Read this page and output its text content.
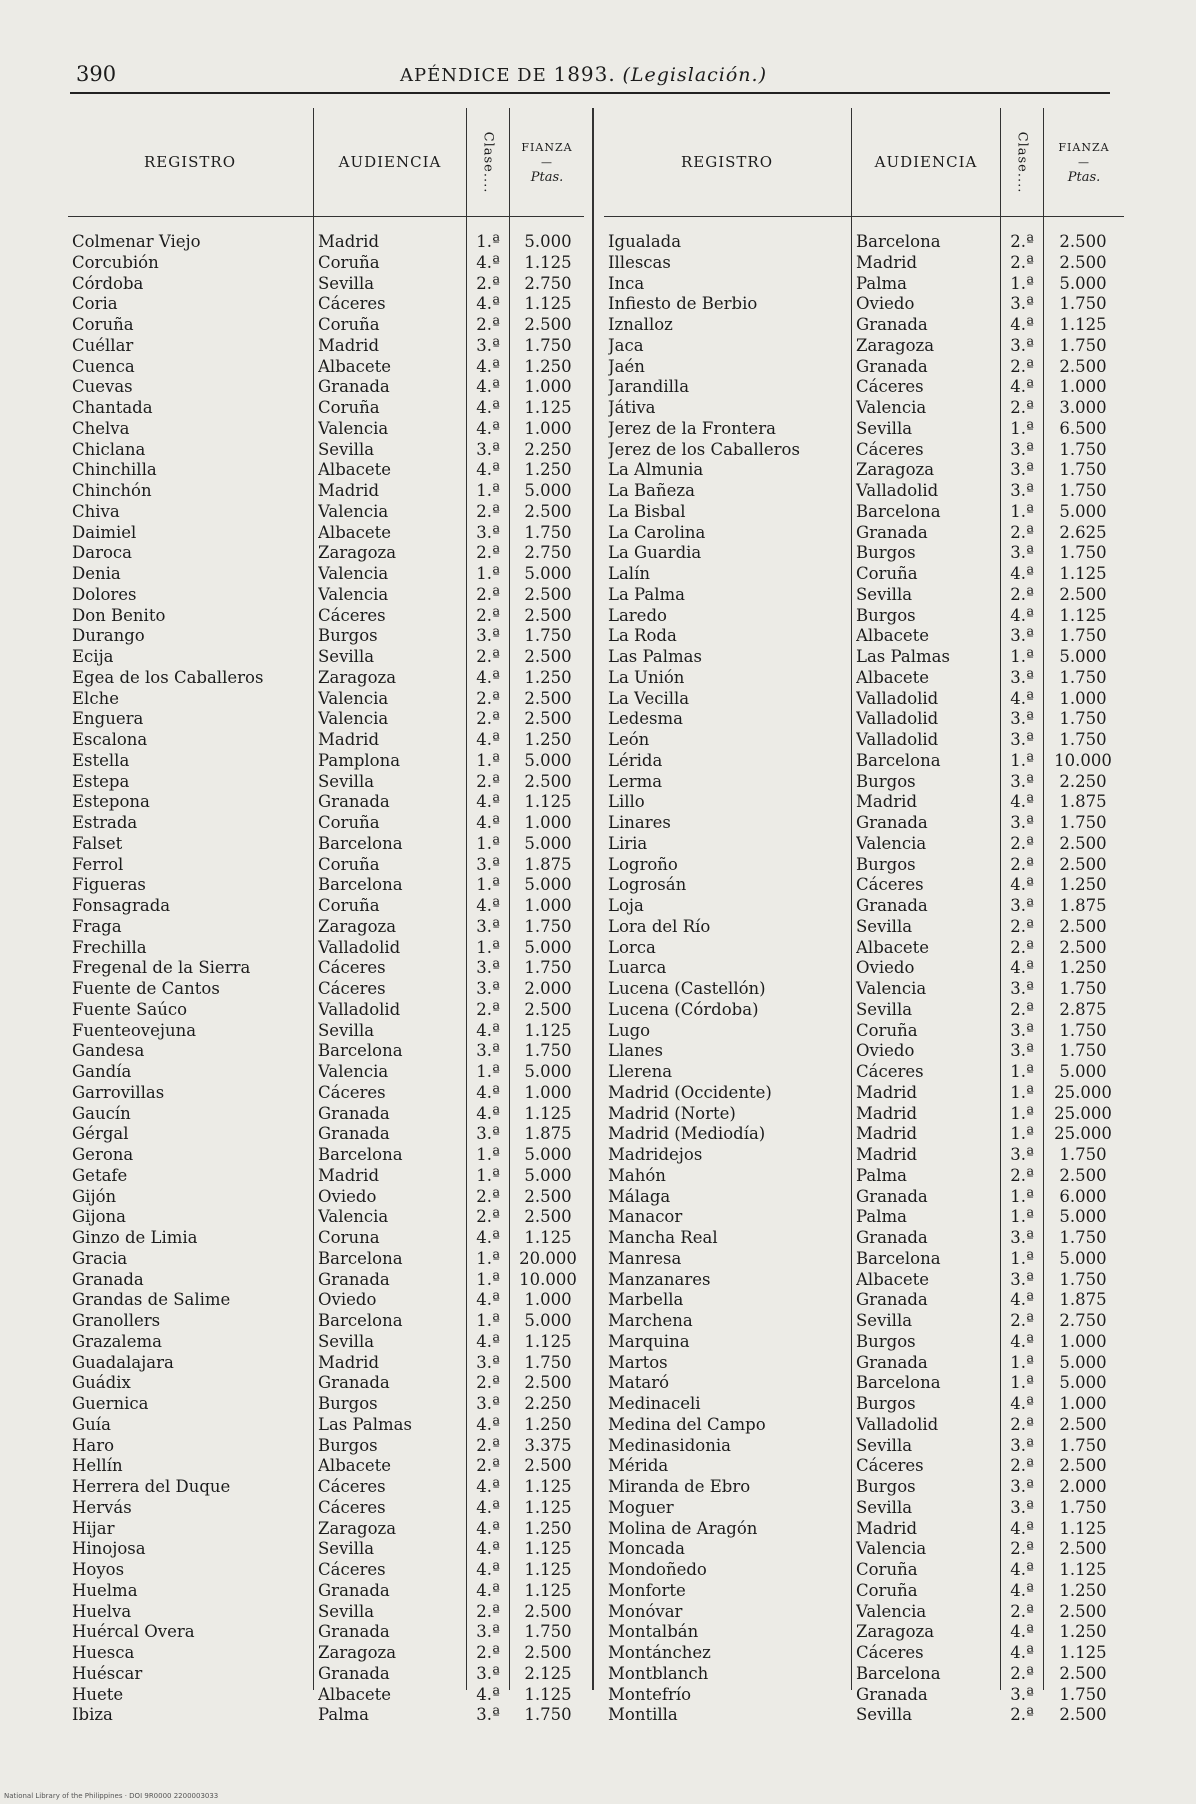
390	APÉNDICE DE 1893. (Legislación.)
REGISTRO	AUDIENCIA	Clase.... FIANZA
—
Ptas.
Colmenar Viejo	Madrid	1.ª	5.000
Corcubión	Coruña	4.ª	1.125
Córdoba	Sevilla	2.ª	2.750
Coria	Cáceres	4.ª	1.125
Coruña	Coruña	2.ª	2.500
Cuéllar	Madrid	3.ª	1.750
Cuenca	Albacete	4.ª	1.250
Cuevas	Granada	4.ª	1.000
Chantada	Coruña	4.ª	1.125
Chelva	Valencia	4.ª	1.000
Chiclana	Sevilla	3.ª	2.250
Chinchilla	Albacete	4.ª	1.250
Chinchón	Madrid	1.ª	5.000
Chiva	Valencia	2.ª	2.500
Daimiel	Albacete	3.ª	1.750
Daroca	Zaragoza	2.ª	2.750
Denia	Valencia	1.ª	5.000
Dolores	Valencia	2.ª	2.500
Don Benito	Cáceres	2.ª	2.500
Durango	Burgos	3.ª	1.750
Ecija	Sevilla	2.ª	2.500
Egea de los Caballeros	Zaragoza	4.ª	1.250
Elche	Valencia	2.ª	2.500
Enguera	Valencia	2.ª	2.500
Escalona	Madrid	4.ª	1.250
Estella	Pamplona	1.ª	5.000
Estepa	Sevilla	2.ª	2.500
Estepona	Granada	4.ª	1.125
Estrada	Coruña	4.ª	1.000
Falset	Barcelona	1.ª	5.000
Ferrol	Coruña	3.ª	1.875
Figueras	Barcelona	1.ª	5.000
Fonsagrada	Coruña	4.ª	1.000
Fraga	Zaragoza	3.ª	1.750
Frechilla	Valladolid	1.ª	5.000
Fregenal de la Sierra	Cáceres	3.ª	1.750
Fuente de Cantos	Cáceres	3.ª	2.000
Fuente Saúco	Valladolid	2.ª	2.500
Fuenteovejuna	Sevilla	4.ª	1.125
Gandesa	Barcelona	3.ª	1.750
Gandía	Valencia	1.ª	5.000
Garrovillas	Cáceres	4.ª	1.000
Gaucín	Granada	4.ª	1.125
Gérgal	Granada	3.ª	1.875
Gerona	Barcelona	1.ª	5.000
Getafe	Madrid	1.ª	5.000
Gijón	Oviedo	2.ª	2.500
Gijona	Valencia	2.ª	2.500
Ginzo de Limia	Coruna	4.ª	1.125
Gracia	Barcelona	1.ª	20.000
Granada	Granada	1.ª	10.000
Grandas de Salime	Oviedo	4.ª	1.000
Granollers	Barcelona	1.ª	5.000
Grazalema	Sevilla	4.ª	1.125
Guadalajara	Madrid	3.ª	1.750
Guádix	Granada	2.ª	2.500
Guernica	Burgos	3.ª	2.250
Guía	Las Palmas	4.ª	1.250
Haro	Burgos	2.ª	3.375
Hellín	Albacete	2.ª	2.500
Herrera del Duque	Cáceres	4.ª	1.125
Hervás	Cáceres	4.ª	1.125
Hijar	Zaragoza	4.ª	1.250
Hinojosa	Sevilla	4.ª	1.125
Hoyos	Cáceres	4.ª	1.125
Huelma	Granada	4.ª	1.125
Huelva	Sevilla	2.ª	2.500
Huércal Overa	Granada	3.ª	1.750
Huesca	Zaragoza	2.ª	2.500
Huéscar	Granada	3.ª	2.125
Huete	Albacete	4.ª	1.125
Ibiza	Palma	3.ª	1.750
REGISTRO	AUDIENCIA	Clase....	FIANZA
—
Ptas.
Igualada	Barcelona	2.ª	2.500
Illescas	Madrid	2.ª	2.500
Inca	Palma	1.ª	5.000
Infiesto de Berbio	Oviedo	3.ª	1.750
Iznalloz	Granada	4.ª	1.125
Jaca	Zaragoza	3.ª	1.750
Jaén	Granada	2.ª	2.500
Jarandilla	Cáceres	4.ª	1.000
Játiva	Valencia	2.ª	3.000
Jerez de la Frontera	Sevilla	1.ª	6.500
Jerez de los Caballeros	Cáceres	3.ª	1.750
La Almunia	Zaragoza	3.ª	1.750
La Bañeza	Valladolid	3.ª	1.750
La Bisbal	Barcelona	1.ª	5.000
La Carolina	Granada	2.ª	2.625
La Guardia	Burgos	3.ª	1.750
Lalín	Coruña	4.ª	1.125
La Palma	Sevilla	2.ª	2.500
Laredo	Burgos	4.ª	1.125
La Roda	Albacete	3.ª	1.750
Las Palmas	Las Palmas	1.ª	5.000
La Unión	Albacete	3.ª	1.750
La Vecilla	Valladolid	4.ª	1.000
Ledesma	Valladolid	3.ª	1.750
León	Valladolid	3.ª	1.750
Lérida	Barcelona	1.ª	10.000
Lerma	Burgos	3.ª	2.250
Lillo	Madrid	4.ª	1.875
Linares	Granada	3.ª	1.750
Liria	Valencia	2.ª	2.500
Logroño	Burgos	2.ª	2.500
Logrosán	Cáceres	4.ª	1.250
Loja	Granada	3.ª	1.875
Lora del Río	Sevilla	2.ª	2.500
Lorca	Albacete	2.ª	2.500
Luarca	Oviedo	4.ª	1.250
Lucena (Castellón)	Valencia	3.ª	1.750
Lucena (Córdoba)	Sevilla	2.ª	2.875
Lugo	Coruña	3.ª	1.750
Llanes	Oviedo	3.ª	1.750
Llerena	Cáceres	1.ª	5.000
Madrid (Occidente)	Madrid	1.ª	25.000
Madrid (Norte)	Madrid	1.ª	25.000
Madrid (Mediodía)	Madrid	1.ª	25.000
Madridejos	Madrid	3.ª	1.750
Mahón	Palma	2.ª	2.500
Málaga	Granada	1.ª	6.000
Manacor	Palma	1.ª	5.000
Mancha Real	Granada	3.ª	1.750
Manresa	Barcelona	1.ª	5.000
Manzanares	Albacete	3.ª	1.750
Marbella	Granada	4.ª	1.875
Marchena	Sevilla	2.ª	2.750
Marquina	Burgos	4.ª	1.000
Martos	Granada	1.ª	5.000
Mataró	Barcelona	1.ª	5.000
Medinaceli	Burgos	4.ª	1.000
Medina del Campo	Valladolid	2.ª	2.500
Medinasidonia	Sevilla	3.ª	1.750
Mérida	Cáceres	2.ª	2.500
Miranda de Ebro	Burgos	3.ª	2.000
Moguer	Sevilla	3.ª	1.750
Molina de Aragón	Madrid	4.ª	1.125
Moncada	Valencia	2.ª	2.500
Mondoñedo	Coruña	4.ª	1.125
Monforte	Coruña	4.ª	1.250
Monóvar	Valencia	2.ª	2.500
Montalbán	Zaragoza	4.ª	1.250
Montánchez	Cáceres	4.ª	1.125
Montblanch	Barcelona	2.ª	2.500
Montefrío	Granada	3.ª	1.750
Montilla	Sevilla	2.ª	2.500
National Library of the Philippines · DOI 9R0000 2200003033
